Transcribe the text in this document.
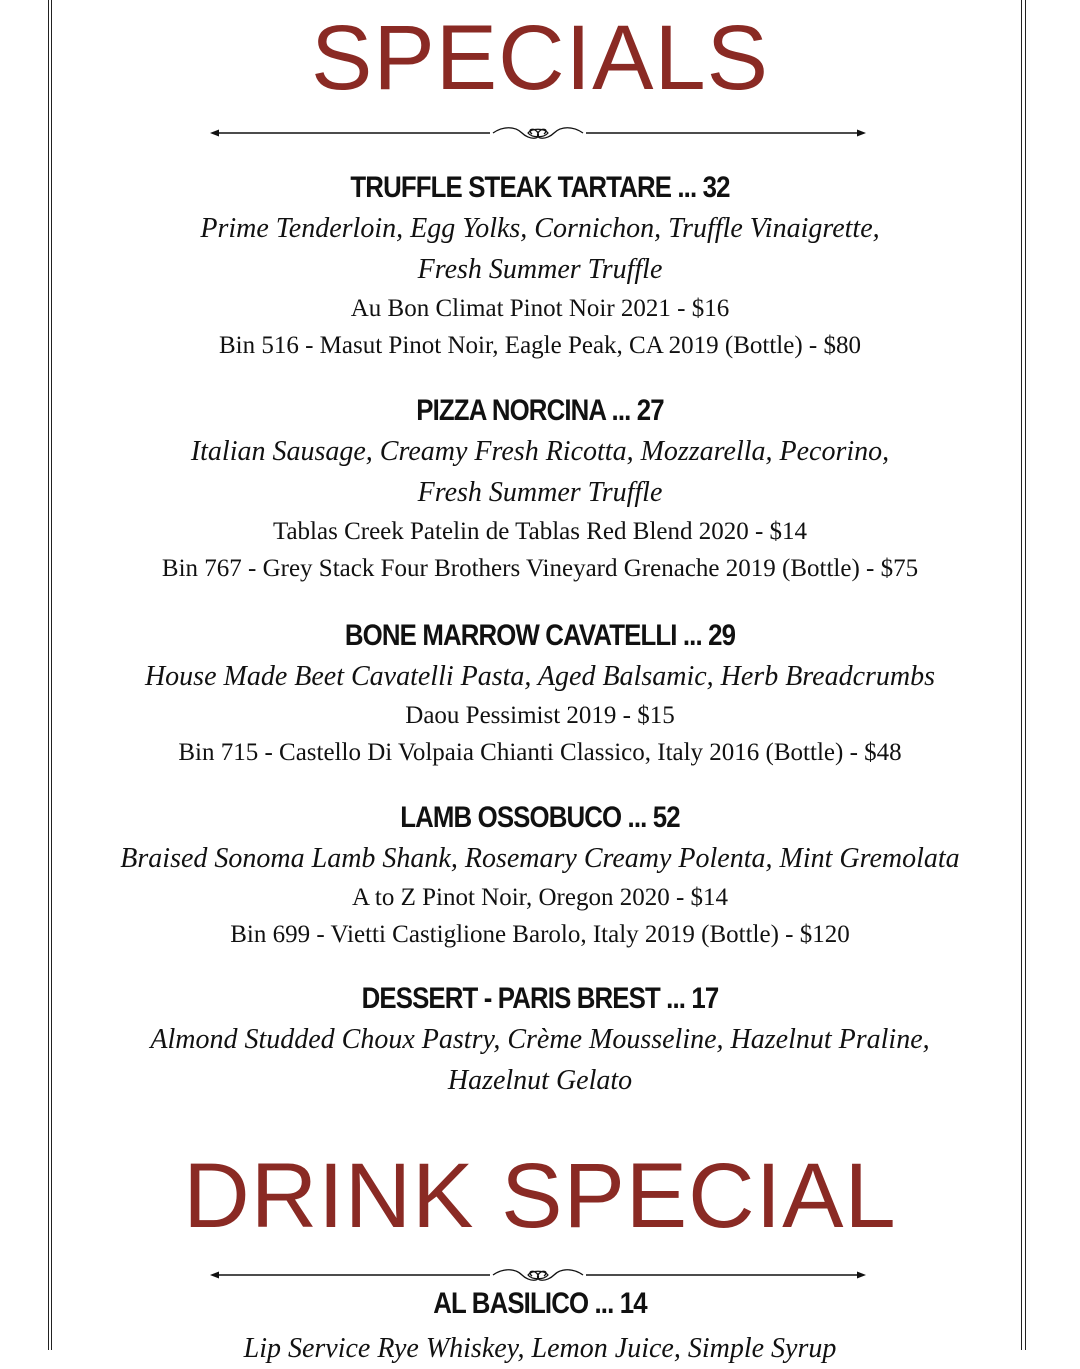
SPECIALS
TRUFFLE STEAK TARTARE ... 32
Prime Tenderloin, Egg Yolks, Cornichon, Truffle Vinaigrette,
Fresh Summer Truffle
Au Bon Climat Pinot Noir 2021 - $16
Bin 516 - Masut Pinot Noir, Eagle Peak, CA 2019 (Bottle) - $80
PIZZA NORCINA ... 27
Italian Sausage, Creamy Fresh Ricotta, Mozzarella, Pecorino,
Fresh Summer Truffle
Tablas Creek Patelin de Tablas Red Blend 2020 - $14
Bin 767 - Grey Stack Four Brothers Vineyard Grenache 2019 (Bottle) - $75
BONE MARROW CAVATELLI ... 29
House Made Beet Cavatelli Pasta, Aged Balsamic, Herb Breadcrumbs
Daou Pessimist 2019 - $15
Bin 715 - Castello Di Volpaia Chianti Classico, Italy 2016 (Bottle) - $48
LAMB OSSOBUCO ... 52
Braised Sonoma Lamb Shank, Rosemary Creamy Polenta, Mint Gremolata
A to Z Pinot Noir, Oregon 2020 - $14
Bin 699 - Vietti Castiglione Barolo, Italy 2019 (Bottle) - $120
DESSERT - PARIS BREST ... 17
Almond Studded Choux Pastry, Crème Mousseline, Hazelnut Praline,
Hazelnut Gelato
DRINK SPECIAL
AL BASILICO ... 14
Lip Service Rye Whiskey, Lemon Juice, Simple Syrup
